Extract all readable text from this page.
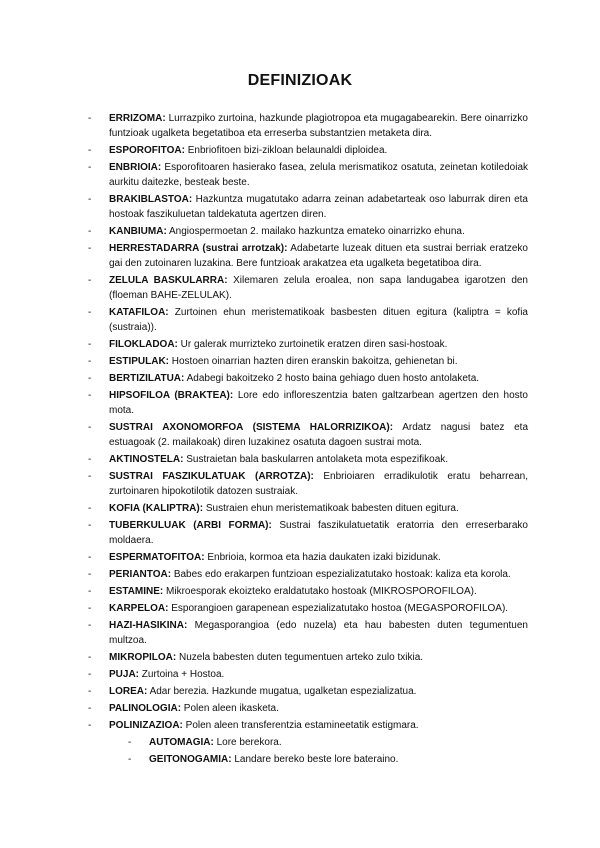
DEFINIZIOAK
- ERRIZOMA: Lurrazpiko zurtoina, hazkunde plagiotropoa eta mugagabearekin. Bere oinarrizko funtzioak ugalketa begetatiboa eta erreserba substantzien metaketa dira.
- ESPOROFITOA: Enbriofitoen bizi-zikloan belaunaldi diploidea.
- ENBRIOIA: Esporofitoaren hasierako fasea, zelula merismatikoz osatuta, zeinetan kotiledoiak aurkitu daitezke, besteak beste.
- BRAKIBLASTOA: Hazkuntza mugatutako adarra zeinan adabetarteak oso laburrak diren eta hostoak faszikuluetan taldekatuta agertzen diren.
- KANBIUMA: Angiospermoetan 2. mailako hazkuntza emateko oinarrizko ehuna.
- HERRESTADARRA (sustrai arrotzak): Adabetarte luzeak dituen eta sustrai berriak eratzeko gai den zutoinaren luzakina. Bere funtzioak arakatzea eta ugalketa begetatiboa dira.
- ZELULA BASKULARRA: Xilemaren zelula eroalea, non sapa landugabea igarotzen den (floeman BAHE-ZELULAK).
- KATAFILOA: Zurtoinen ehun meristematikoak basbesten dituen egitura (kaliptra = kofia (sustraia)).
- FILOKLADOA: Ur galerak murrizteko zurtoinetik eratzen diren sasi-hostoak.
- ESTIPULAK: Hostoen oinarrian hazten diren eranskin bakoitza, gehienetan bi.
- BERTIZILATUA: Adabegi bakoitzeko 2 hosto baina gehiago duen hosto antolaketa.
- HIPSOFILOA (BRAKTEA): Lore edo infloreszentzia baten galtzarbean agertzen den hosto mota.
- SUSTRAI AXONOMORFOA (SISTEMA HALORRIZIKOA): Ardatz nagusi batez eta estuagoak (2. mailakoak) diren luzakinez osatuta dagoen sustrai mota.
- AKTINOSTELA: Sustraietan bala baskularren antolaketa mota espezifikoak.
- SUSTRAI FASZIKULATUAK (ARROTZA): Enbrioiaren erradikulotik eratu beharrean, zurtoinaren hipokotilotik datozen sustraiak.
- KOFIA (KALIPTRA): Sustraien ehun meristematikoak babesten dituen egitura.
- TUBERKULUAK (ARBI FORMA): Sustrai faszikulatuetatik eratorria den erreserbarako moldaera.
- ESPERMATOFITOA: Enbrioia, kormoa eta hazia daukaten izaki bizidunak.
- PERIANTOA: Babes edo erakarpen funtzioan espezializatutako hostoak: kaliza eta korola.
- ESTAMINE: Mikroesporak ekoizteko eraldatutako hostoak (MIKROSPOROFILOA).
- KARPELOA: Esporangioen garapenean espezializatutako hostoa (MEGASPOROFILOA).
- HAZI-HASIKINA: Megasporangioa (edo nuzela) eta hau babesten duten tegumentuen multzoa.
- MIKROPILOA: Nuzela babesten duten tegumentuen arteko zulo txikia.
- PUJA: Zurtoina + Hostoa.
- LOREA: Adar berezia. Hazkunde mugatua, ugalketan espezializatua.
- PALINOLOGIA: Polen aleen ikasketa.
- POLINIZAZIOA: Polen aleen transferentzia estamineetatik estigmara.
- AUTOMAGIA: Lore berekora.
- GEITONOGAMIA: Landare bereko beste lore bateraino.
